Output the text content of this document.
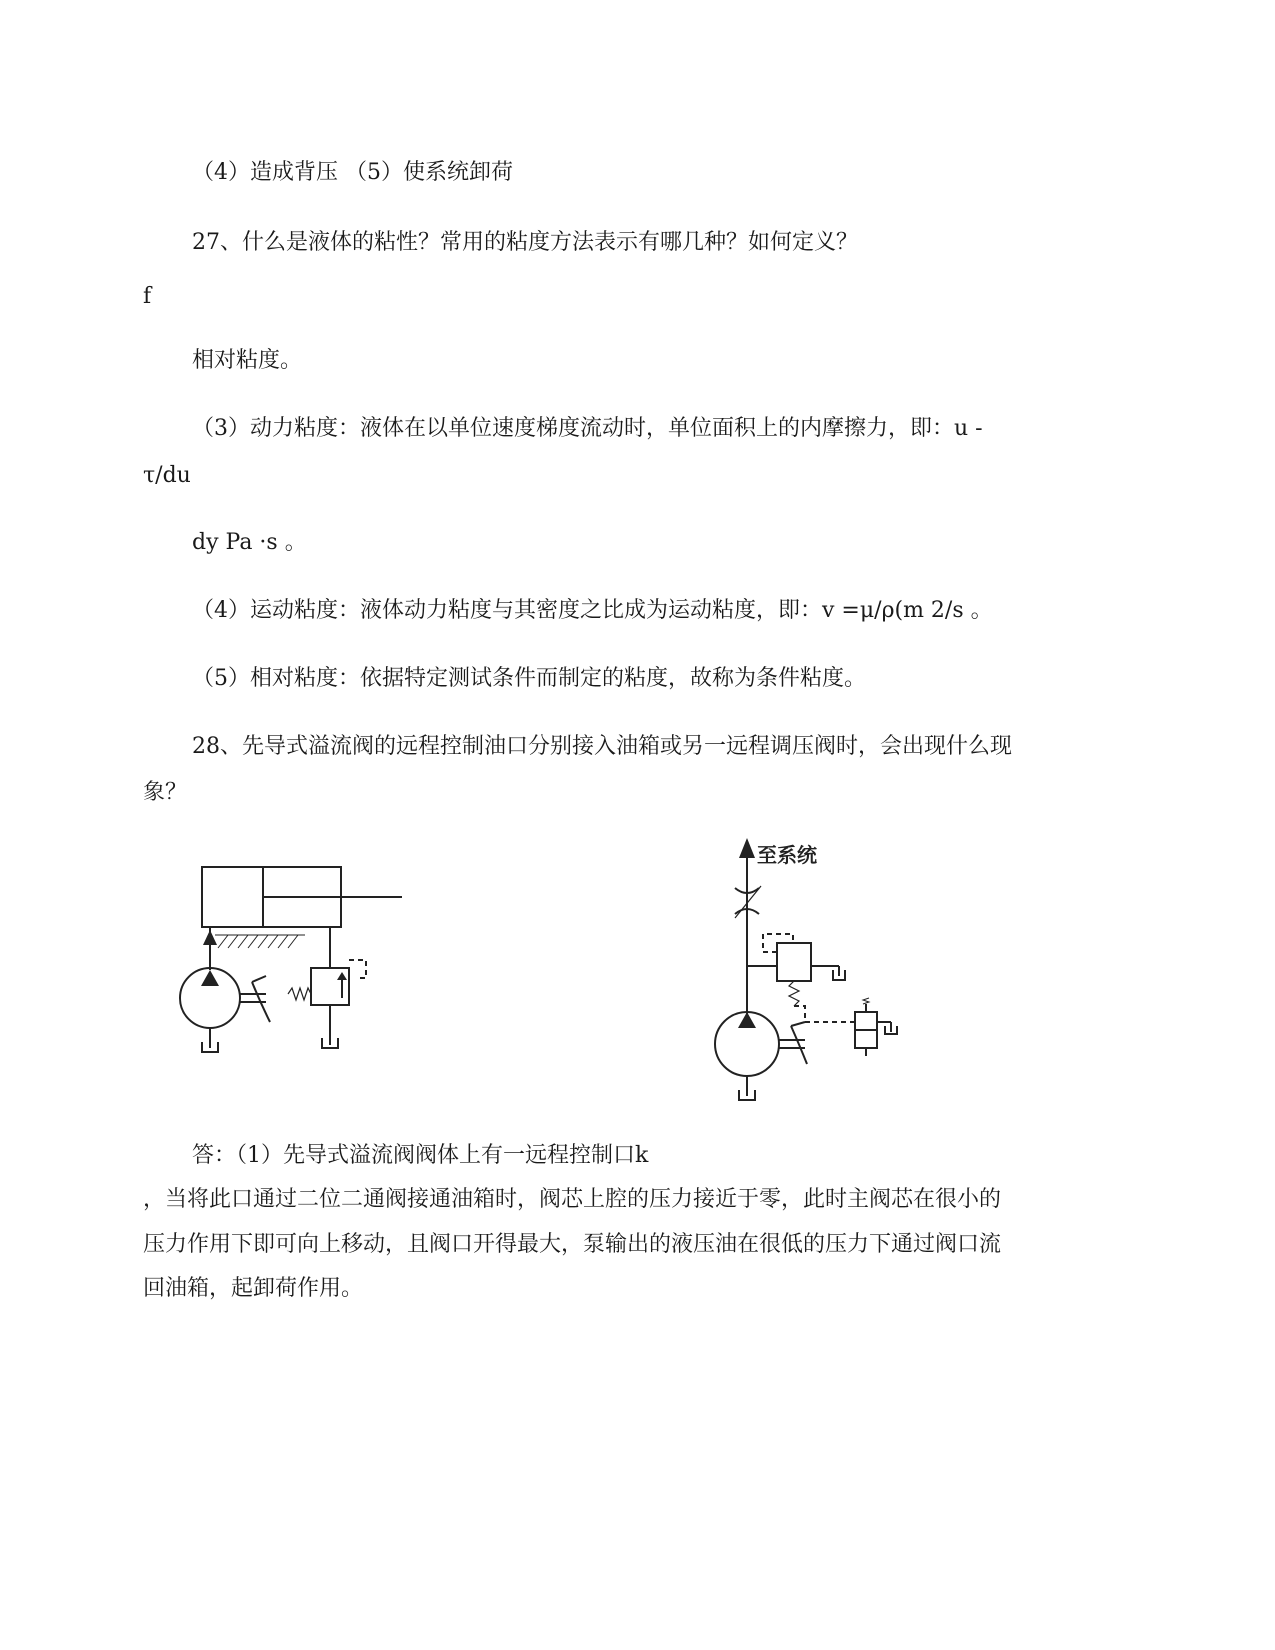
（4）造成背压 （5）使系统卸荷
27、什么是液体的粘性？常用的粘度方法表示有哪几种？如何定义？
f
相对粘度。
（3）动力粘度：液体在以单位速度梯度流动时，单位面积上的内摩擦力，即：u -
τ/du
dy Pa ·s 。
（4）运动粘度：液体动力粘度与其密度之比成为运动粘度，即：v =μ/ρ(m 2/s 。
（5）相对粘度：依据特定测试条件而制定的粘度，故称为条件粘度。
28、先导式溢流阀的远程控制油口分别接入油箱或另一远程调压阀时，会出现什么现
象？
至系统
答：（1）先导式溢流阀阀体上有一远程控制口k
，当将此口通过二位二通阀接通油箱时，阀芯上腔的压力接近于零，此时主阀芯在很小的
压力作用下即可向上移动，且阀口开得最大，泵输出的液压油在很低的压力下通过阀口流
回油箱，起卸荷作用。
